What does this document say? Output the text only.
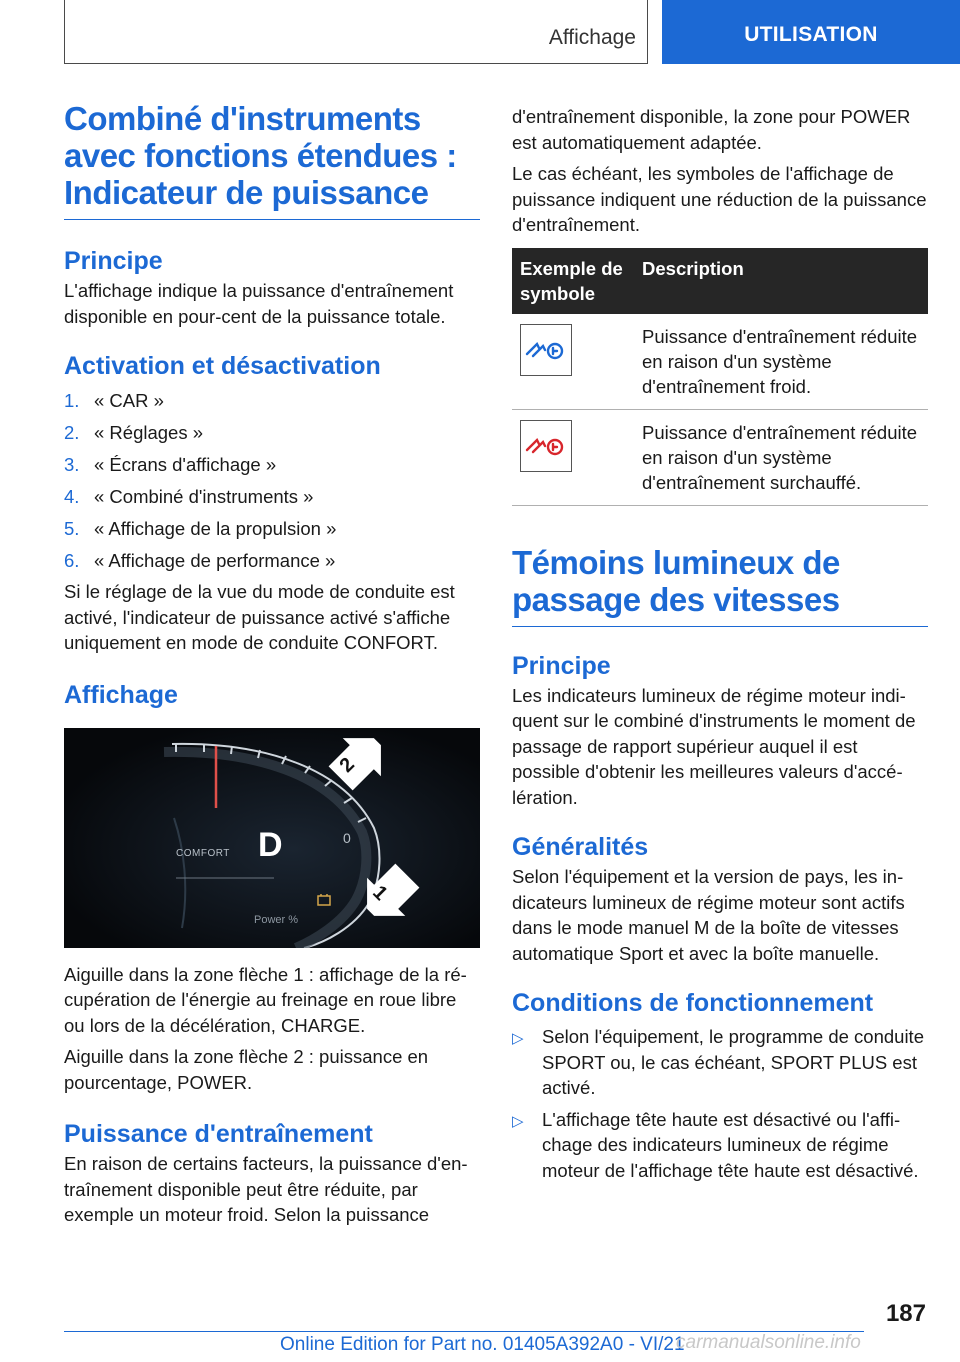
Affichage	UTILISATION
Combiné d'instruments avec fonctions étendues : Indicateur de puissance
Principe

L'affichage indique la puissance d'entraînement disponible en pour-cent de la puissance totale.

Activation et désactivation
1. « CAR »
2. « Réglages »
3. « Écrans d'affichage »
4. « Combiné d'instruments »
5. « Affichage de la propulsion »
6. « Affichage de performance »

Si le réglage de la vue du mode de conduite est activé, l'indicateur de puissance activé s'affiche uniquement en mode de conduite CONFORT.

Affichage
COMFORT D	0
Power %
2
1

Aiguille dans la zone flèche 1 : affichage de la récupération de l'énergie au freinage en roue libre ou lors de la décélération, CHARGE.

Aiguille dans la zone flèche 2 : puissance en pourcentage, POWER.

Puissance d'entraînement

En raison de certains facteurs, la puissance d'entraînement disponible peut être réduite, par exemple un moteur froid. Selon la puissance

d'entraînement disponible, la zone pour POWER est automatiquement adaptée.

Le cas échéant, les symboles de l'affichage de puissance indiquent une réduction de la puissance d'entraînement.

Exemple de symbole	Description

	Puissance d'entraînement réduite en raison d'un système d'entraînement froid.

	Puissance d'entraînement réduite en raison d'un système d'entraînement surchauffé.
Témoins lumineux de passage des vitesses
Principe

Les indicateurs lumineux de régime moteur indiquent sur le combiné d'instruments le moment de passage de rapport supérieur auquel il est possible d'obtenir les meilleures valeurs d'accélération.

Généralités

Selon l'équipement et la version de pays, les indicateurs lumineux de régime moteur sont actifs dans le mode manuel M de la boîte de vitesses automatique Sport et avec la boîte manuelle.

Conditions de fonctionnement
▷ Selon l'équipement, le programme de conduite SPORT ou, le cas échéant, SPORT PLUS est activé.
▷ L'affichage tête haute est désactivé ou l'affichage des indicateurs lumineux de régime moteur de l'affichage tête haute est désactivé.
187
Online Edition for Part no. 01405A392A0 - VI/21
carmanualsonline.info
